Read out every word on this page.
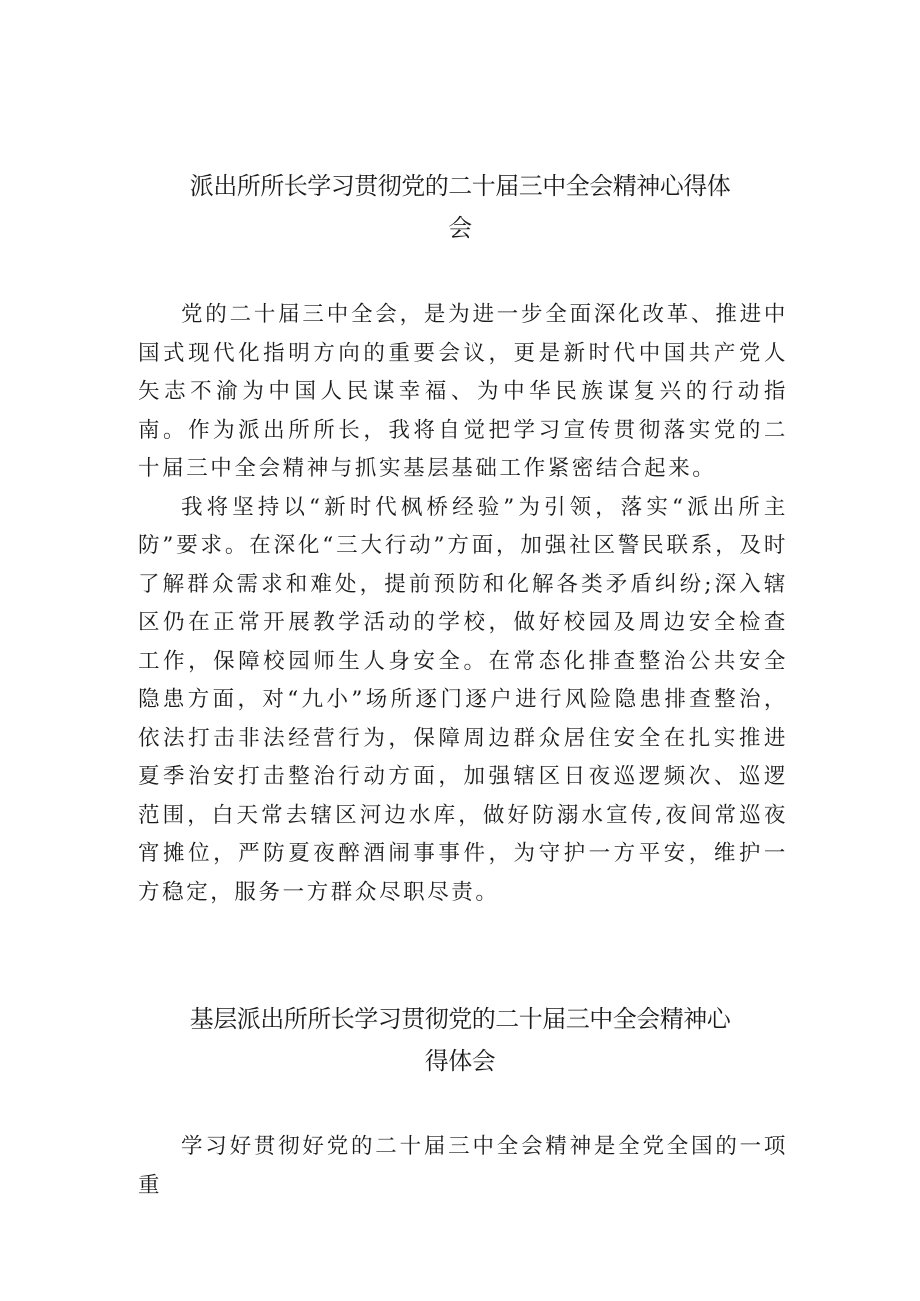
派出所所长学习贯彻党的二十届三中全会精神心得体
会

党的二十届三中全会，是为进一步全面深化改革、推进中国式现代化指明方向的重要会议，更是新时代中国共产党人矢志不渝为中国人民谋幸福、为中华民族谋复兴的行动指南。作为派出所所长，我将自觉把学习宣传贯彻落实党的二十届三中全会精神与抓实基层基础工作紧密结合起来。

我将坚持以“新时代枫桥经验”为引领，落实“派出所主防”要求。在深化“三大行动”方面，加强社区警民联系，及时了解群众需求和难处，提前预防和化解各类矛盾纠纷;深入辖区仍在正常开展教学活动的学校，做好校园及周边安全检查工作，保障校园师生人身安全。在常态化排查整治公共安全隐患方面，对“九小”场所逐门逐户进行风险隐患排查整治，依法打击非法经营行为，保障周边群众居住安全在扎实推进夏季治安打击整治行动方面，加强辖区日夜巡逻频次、巡逻范围，白天常去辖区河边水库，做好防溺水宣传,夜间常巡夜宵摊位，严防夏夜醉酒闹事事件，为守护一方平安，维护一方稳定，服务一方群众尽职尽责。

基层派出所所长学习贯彻党的二十届三中全会精神心
得体会

学习好贯彻好党的二十届三中全会精神是全党全国的一项重
